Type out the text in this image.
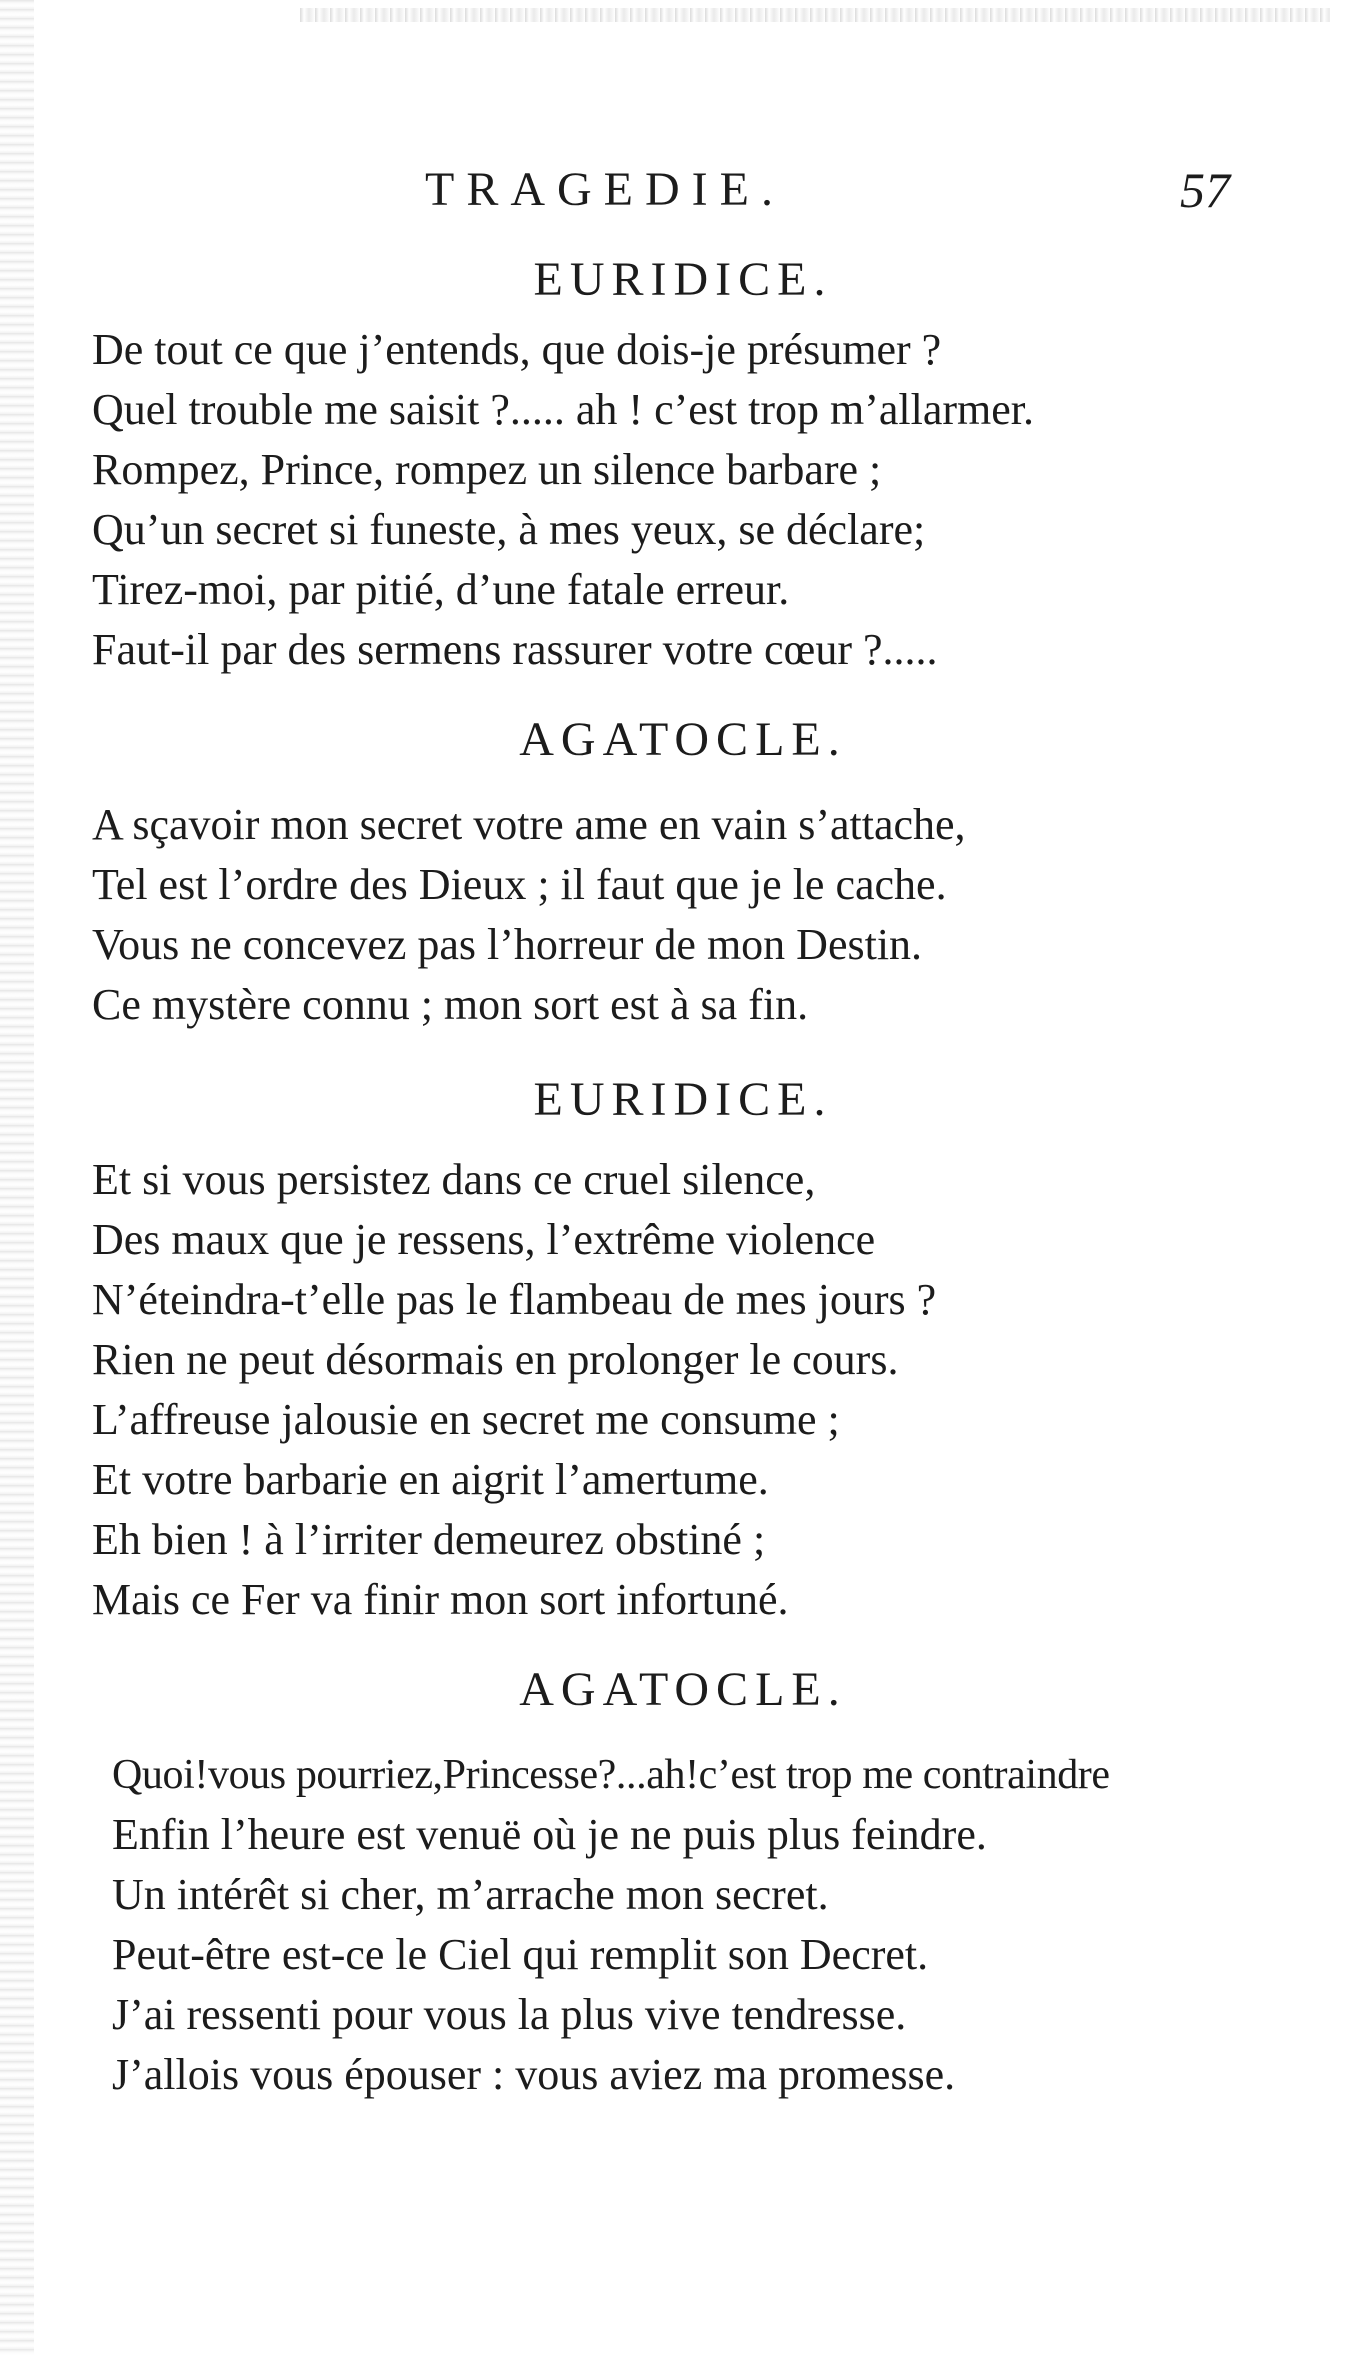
TRAGEDIE.	57
EURIDICE.
De tout ce que j’entends, que dois-je présumer ?
Quel trouble me saisit ?..... ah ! c’est trop m’allarmer.
Rompez, Prince, rompez un silence barbare ;
Qu’un secret si funeste, à mes yeux, se déclare;
Tirez-moi, par pitié, d’une fatale erreur.
Faut-il par des sermens rassurer votre cœur ?.....
AGATOCLE.
A sçavoir mon secret votre ame en vain s’attache,
Tel est l’ordre des Dieux ; il faut que je le cache.
Vous ne concevez pas l’horreur de mon Destin.
Ce mystère connu ; mon sort est à sa fin.
EURIDICE.
Et si vous persistez dans ce cruel silence,
Des maux que je ressens, l’extrême violence
N’éteindra-t’elle pas le flambeau de mes jours ?
Rien ne peut désormais en prolonger le cours.
L’affreuse jalousie en secret me consume ;
Et votre barbarie en aigrit l’amertume.
Eh bien ! à l’irriter demeurez obstiné ;
Mais ce Fer va finir mon sort infortuné.
AGATOCLE.
Quoi!vous pourriez,Princesse?...ah!c’est trop me contraindre
Enfin l’heure est venuë où je ne puis plus feindre.
Un intérêt si cher, m’arrache mon secret.
Peut-être est-ce le Ciel qui remplit son Decret.
J’ai ressenti pour vous la plus vive tendresse.
J’allois vous épouser : vous aviez ma promesse.
